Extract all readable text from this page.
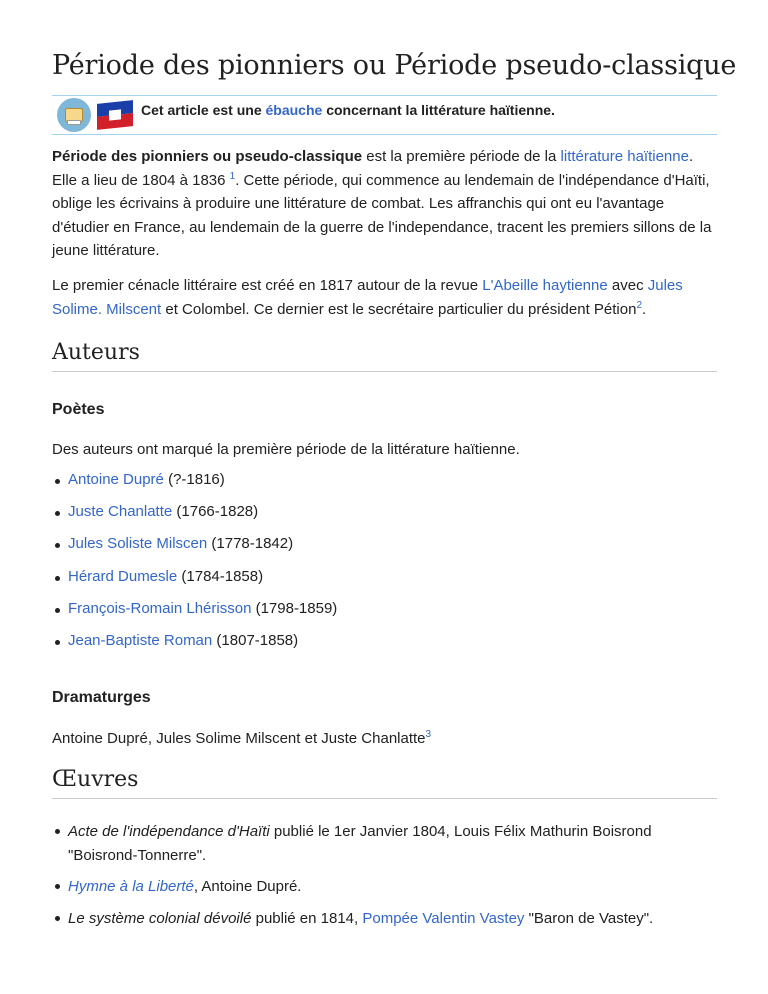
Période des pionniers ou Période pseudo-classique
Cet article est une ébauche concernant la littérature haïtienne.

Période des pionniers ou pseudo-classique est la première période de la littérature haïtienne. Elle a lieu de 1804 à 1836 $^1$. Cette période, qui commence au lendemain de l'indépendance d'Haïti, oblige les écrivains à produire une littérature de combat. Les affranchis qui ont eu l'avantage d'étudier en France, au lendemain de la guerre de l'independance, tracent les premiers sillons de la jeune littérature.

Le premier cénacle littéraire est créé en 1817 autour de la revue L'Abeille haytienne avec Jules Solime. Milscent et Colombel. Ce dernier est le secrétaire particulier du président Pétion$^2$.

Auteurs
Poètes

Des auteurs ont marqué la première période de la littérature haïtienne.

Antoine Dupré (?-1816)
Juste Chanlatte (1766-1828)
Jules Soliste Milscen (1778-1842)
Hérard Dumesle (1784-1858)
François-Romain Lhérisson (1798-1859)
Jean-Baptiste Roman (1807-1858)
Dramaturges

Antoine Dupré, Jules Solime Milscent et Juste Chanlatte$^3$

Œuvres
Acte de l'indépendance d'Haïti publié le 1er Janvier 1804, Louis Félix Mathurin Boisrond "Boisrond-Tonnerre".
Hymne à la Liberté, Antoine Dupré.
Le système colonial dévoilé publié en 1814, Pompée Valentin Vastey "Baron de Vastey".
